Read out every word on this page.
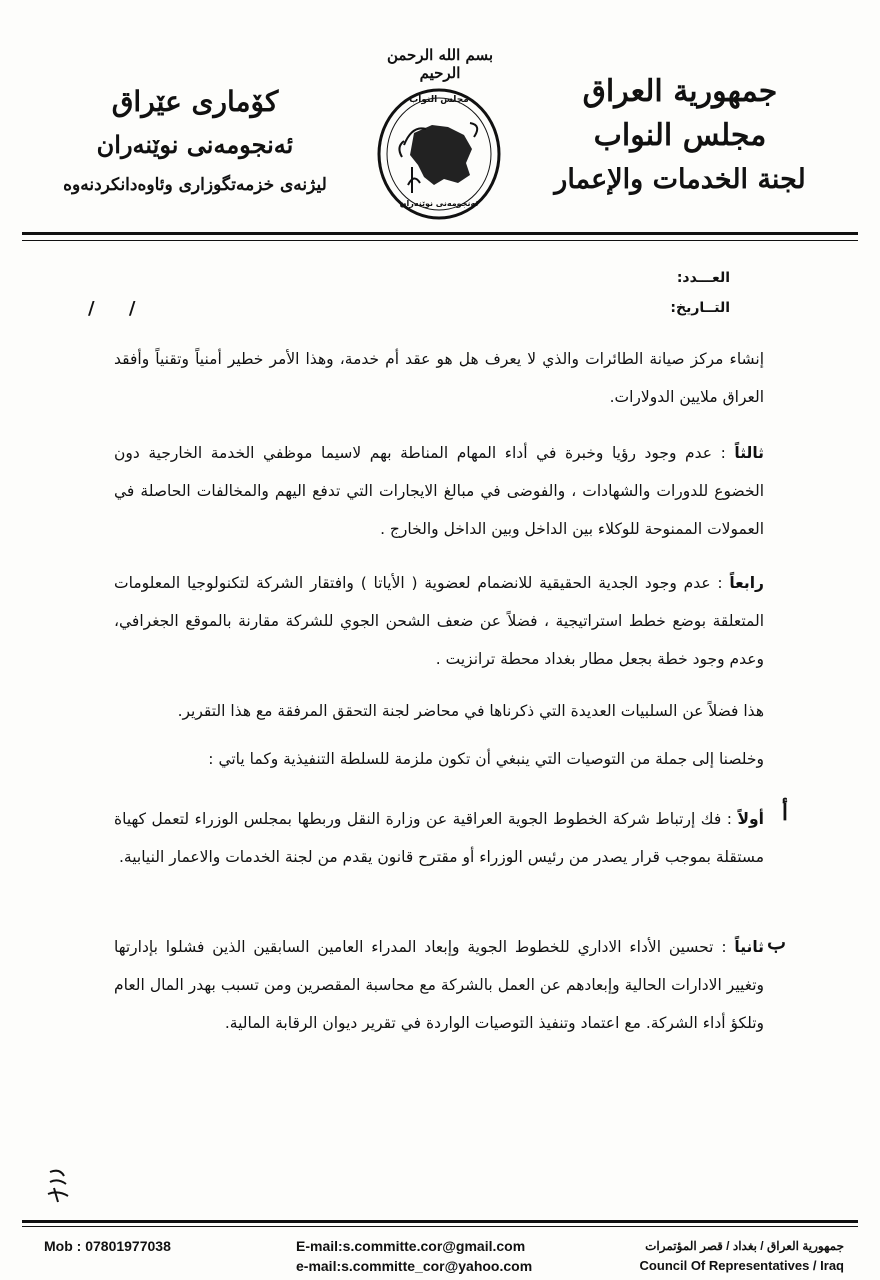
جمهورية العراق
مجلس النواب
لجنة الخدمات والإعمار
كۆماری عێراق
ئەنجومەنی نوێنەران
لیژنەی خزمەتگوزاری وئاوەدانكردنەوە
بسم الله الرحمن الرحيم
مجلس النواب
ئەنجومەنی نوێنەران
العـــدد:
التــاريخ:
/ /
إنشاء مركز صيانة الطائرات والذي لا يعرف هل هو عقد أم خدمة، وهذا الأمر خطير أمنياً وتقنياً وأفقد العراق ملايين الدولارات.
ثالثاً : عدم وجود رؤيا وخبرة في أداء المهام المناطة بهم لاسيما موظفي الخدمة الخارجية دون الخضوع للدورات والشهادات ، والفوضى في مبالغ الايجارات التي تدفع اليهم والمخالفات الحاصلة في العمولات الممنوحة للوكلاء بين الداخل وبين الداخل والخارج .
رابعاً : عدم وجود الجدية الحقيقية للانضمام لعضوية ( الأياتا ) وافتقار الشركة لتكنولوجيا المعلومات المتعلقة بوضع خطط استراتيجية ، فضلاً عن ضعف الشحن الجوي للشركة مقارنة بالموقع الجغرافي، وعدم وجود خطة بجعل مطار بغداد محطة ترانزيت .
هذا فضلاً عن السلبيات العديدة التي ذكرناها في محاضر لجنة التحقق المرفقة مع هذا التقرير.
وخلصنا إلى جملة من التوصيات التي ينبغي أن تكون ملزمة للسلطة التنفيذية وكما ياتي :
أ
أولاً : فك إرتباط شركة الخطوط الجوية العراقية عن وزارة النقل وربطها بمجلس الوزراء لتعمل كهياة مستقلة بموجب قرار يصدر من رئيس الوزراء أو مقترح قانون يقدم من لجنة الخدمات والاعمار النيابية.
ب
ثانياً : تحسين الأداء الاداري للخطوط الجوية وإبعاد المدراء العامين السابقين الذين فشلوا بإدارتها وتغيير الادارات الحالية وإبعادهم عن العمل بالشركة مع محاسبة المقصرين ومن تسبب بهدر المال العام وتلكؤ أداء الشركة. مع اعتماد وتنفيذ التوصيات الواردة في تقرير ديوان الرقابة المالية.
Mob : 07801977038	E-mail:s.committe.cor@gmail.com
e-mail:s.committe_cor@yahoo.com
جمهورية العراق / بغداد / قصر المؤتمرات
Council Of Representatives / Iraq
